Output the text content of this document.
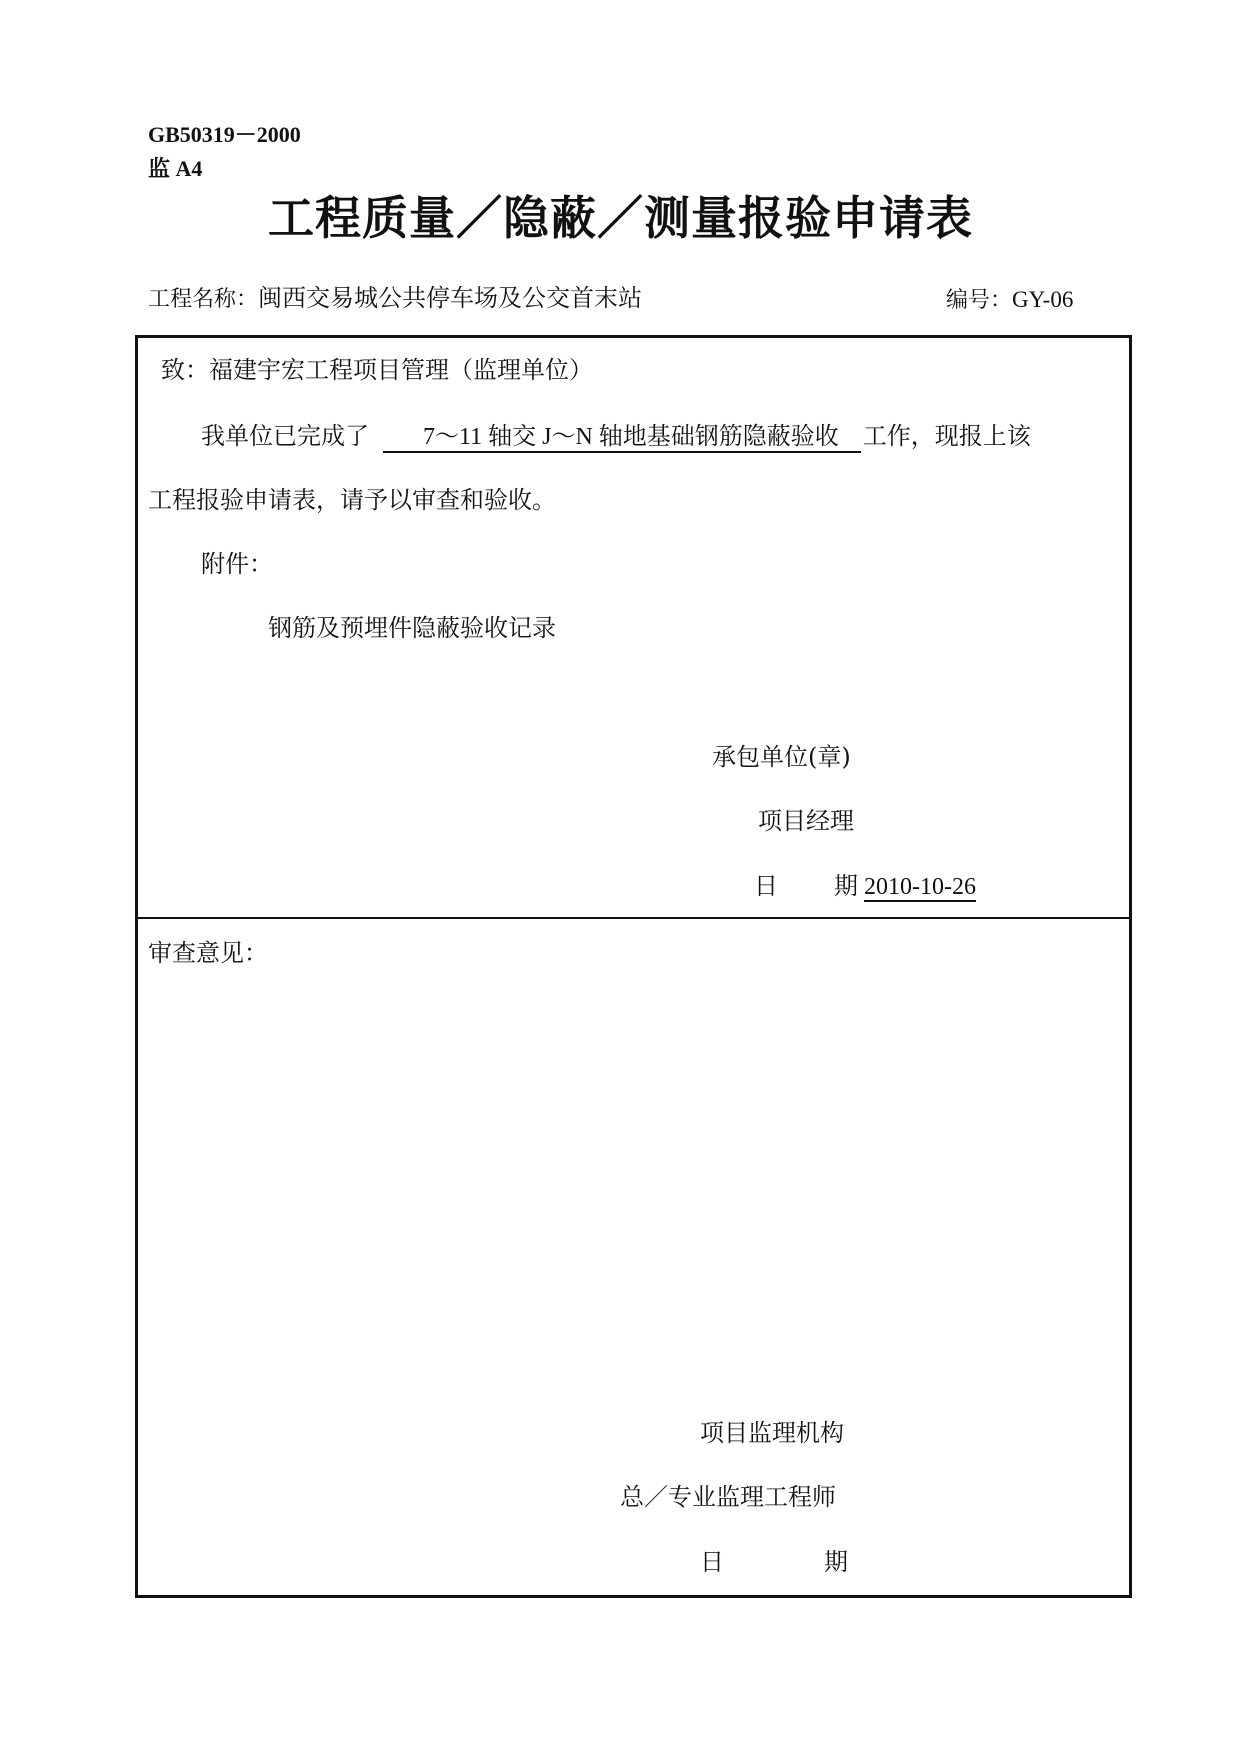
GB50319－2000
监 A4
工程质量／隐蔽／测量报验申请表
工程名称：闽西交易城公共停车场及公交首末站	编号：GY-06
致：福建宇宏工程项目管理（监理单位）
我单位已完成了 7～11 轴交 J～N 轴地基础钢筋隐蔽验收 工作，现报上该
工程报验申请表，请予以审查和验收。
附件：
钢筋及预埋件隐蔽验收记录
承包单位(章)
项目经理
日 期 2010-10-26
审查意见：
项目监理机构
总／专业监理工程师
日	期
